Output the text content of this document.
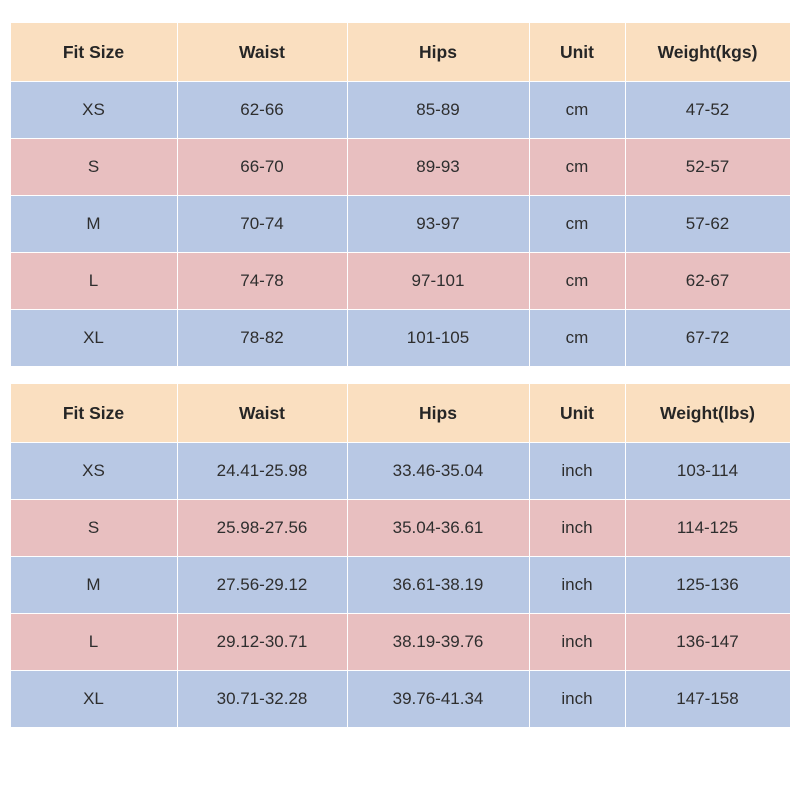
Fit Size	Waist	Hips	Unit	Weight(kgs)
XS	62-66	85-89	cm	47-52
S	66-70	89-93	cm	52-57
M	70-74	93-97	cm	57-62
L	74-78	97-101	cm	62-67
XL	78-82	101-105	cm	67-72
Fit Size	Waist	Hips	Unit	Weight(lbs)
XS	24.41-25.98	33.46-35.04	inch	103-114
S	25.98-27.56	35.04-36.61	inch	114-125
M	27.56-29.12	36.61-38.19	inch	125-136
L	29.12-30.71	38.19-39.76	inch	136-147
XL	30.71-32.28	39.76-41.34	inch	147-158
